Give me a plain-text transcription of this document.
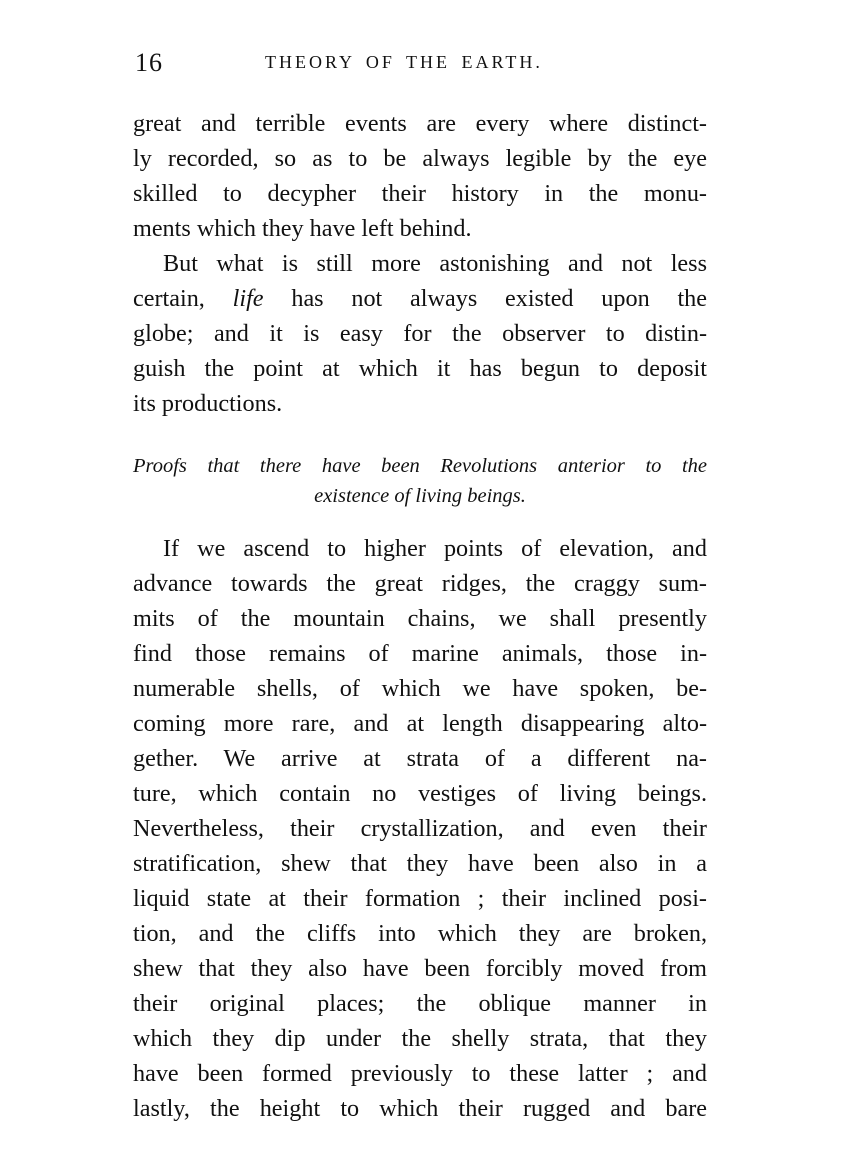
16	THEORY OF THE EARTH.
great and terrible events are every where distinct-
ly recorded, so as to be always legible by the eye
skilled to decypher their history in the monu-
ments which they have left behind.
But what is still more astonishing and not less
certain, life has not always existed upon the
globe; and it is easy for the observer to distin-
guish the point at which it has begun to deposit
its productions.
Proofs that there have been Revolutions anterior to the
existence of living beings.
If we ascend to higher points of elevation, and
advance towards the great ridges, the craggy sum-
mits of the mountain chains, we shall presently
find those remains of marine animals, those in-
numerable shells, of which we have spoken, be-
coming more rare, and at length disappearing alto-
gether. We arrive at strata of a different na-
ture, which contain no vestiges of living beings.
Nevertheless, their crystallization, and even their
stratification, shew that they have been also in a
liquid state at their formation ; their inclined posi-
tion, and the cliffs into which they are broken,
shew that they also have been forcibly moved from
their original places; the oblique manner in
which they dip under the shelly strata, that they
have been formed previously to these latter ; and
lastly, the height to which their rugged and bare
